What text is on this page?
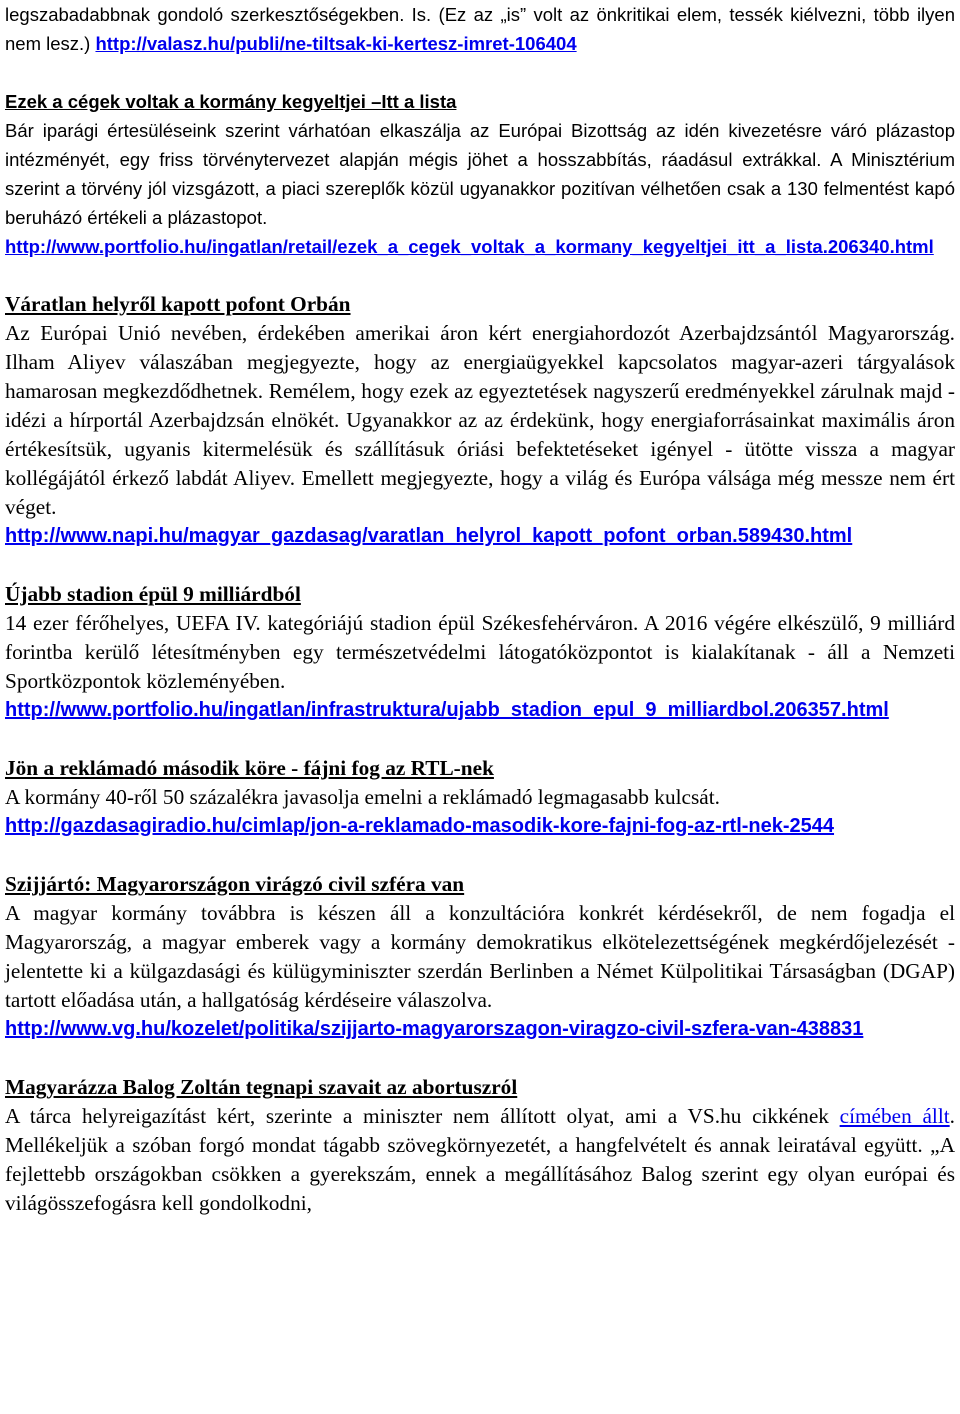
legszabadabbnak gondoló szerkesztőségekben. Is. (Ez az „is” volt az önkritikai elem, tessék kiélvezni, több ilyen nem lesz.) http://valasz.hu/publi/ne-tiltsak-ki-kertesz-imret-106404

Ezek a cégek voltak a kormány kegyeltjei –Itt a lista

Bár iparági értesüléseink szerint várhatóan elkaszálja az Európai Bizottság az idén kivezetésre váró plázastop intézményét, egy friss törvénytervezet alapján mégis jöhet a hosszabbítás, ráadásul extrákkal. A Minisztérium szerint a törvény jól vizsgázott, a piaci szereplők közül ugyanakkor pozitívan vélhetően csak a 130 felmentést kapó beruházó értékeli a plázastopot.

http://www.portfolio.hu/ingatlan/retail/ezek_a_cegek_voltak_a_kormany_kegyeltjei_itt_a_lista.206340.html
Váratlan helyről kapott pofont Orbán

Az Európai Unió nevében, érdekében amerikai áron kért energiahordozót Azerbajdzsántól Magyarország. Ilham Aliyev válaszában megjegyezte, hogy az energiaügyekkel kapcsolatos magyar-azeri tárgyalások hamarosan megkezdődhetnek. Remélem, hogy ezek az egyeztetések nagyszerű eredményekkel zárulnak majd - idézi a hírportál Azerbajdzsán elnökét. Ugyanakkor az az érdekünk, hogy energiaforrásainkat maximális áron értékesítsük, ugyanis kitermelésük és szállításuk óriási befektetéseket igényel - ütötte vissza a magyar kollégájától érkező labdát Aliyev. Emellett megjegyezte, hogy a világ és Európa válsága még messze nem ért véget.

http://www.napi.hu/magyar_gazdasag/varatlan_helyrol_kapott_pofont_orban.589430.html
Újabb stadion épül 9 milliárdból

14 ezer férőhelyes, UEFA IV. kategóriájú stadion épül Székesfehérváron. A 2016 végére elkészülő, 9 milliárd forintba kerülő létesítményben egy természetvédelmi látogatóközpontot is kialakítanak - áll a Nemzeti Sportközpontok közleményében.

http://www.portfolio.hu/ingatlan/infrastruktura/ujabb_stadion_epul_9_milliardbol.206357.html
Jön a reklámadó második köre - fájni fog az RTL-nek

A kormány 40-ről 50 százalékra javasolja emelni a reklámadó legmagasabb kulcsát.

http://gazdasagiradio.hu/cimlap/jon-a-reklamado-masodik-kore-fajni-fog-az-rtl-nek-2544
Szijjártó: Magyarországon virágzó civil szféra van

A magyar kormány továbbra is készen áll a konzultációra konkrét kérdésekről, de nem fogadja el Magyarország, a magyar emberek vagy a kormány demokratikus elkötelezettségének megkérdőjelezését - jelentette ki a külgazdasági és külügyminiszter szerdán Berlinben a Német Külpolitikai Társaságban (DGAP) tartott előadása után, a hallgatóság kérdéseire válaszolva.

http://www.vg.hu/kozelet/politika/szijjarto-magyarorszagon-viragzo-civil-szfera-van-438831
Magyarázza Balog Zoltán tegnapi szavait az abortuszról

A tárca helyreigazítást kért, szerinte a miniszter nem állított olyat, ami a VS.hu cikkének címében állt. Mellékeljük a szóban forgó mondat tágabb szövegkörnyezetét, a hangfelvételt és annak leiratával együtt. „A fejlettebb országokban csökken a gyerekszám, ennek a megállításához Balog szerint egy olyan európai és világösszefogásra kell gondolkodni,
